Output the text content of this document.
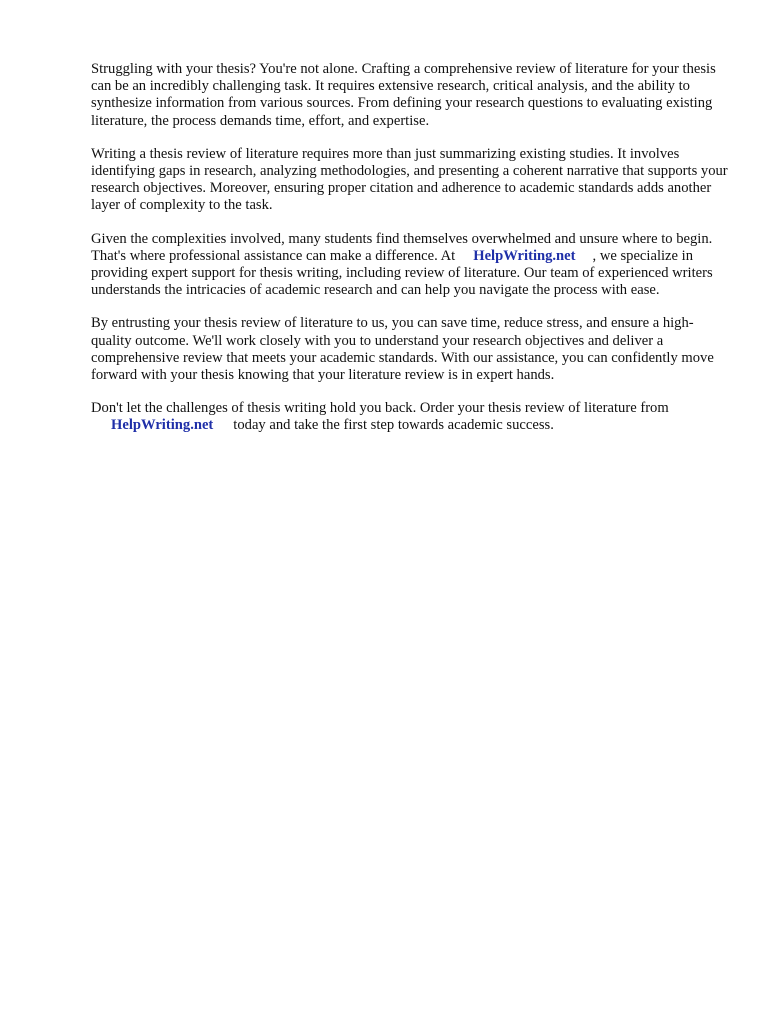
Struggling with your thesis? You're not alone. Crafting a comprehensive review of literature for your thesis can be an incredibly challenging task. It requires extensive research, critical analysis, and the ability to synthesize information from various sources. From defining your research questions to evaluating existing literature, the process demands time, effort, and expertise.

Writing a thesis review of literature requires more than just summarizing existing studies. It involves identifying gaps in research, analyzing methodologies, and presenting a coherent narrative that supports your research objectives. Moreover, ensuring proper citation and adherence to academic standards adds another layer of complexity to the task.

Given the complexities involved, many students find themselves overwhelmed and unsure where to begin. That's where professional assistance can make a difference. At HelpWriting.net , we specialize in providing expert support for thesis writing, including review of literature. Our team of experienced writers understands the intricacies of academic research and can help you navigate the process with ease.

By entrusting your thesis review of literature to us, you can save time, reduce stress, and ensure a high-quality outcome. We'll work closely with you to understand your research objectives and deliver a comprehensive review that meets your academic standards. With our assistance, you can confidently move forward with your thesis knowing that your literature review is in expert hands.

Don't let the challenges of thesis writing hold you back. Order your thesis review of literature from
HelpWriting.net today and take the first step towards academic success.
